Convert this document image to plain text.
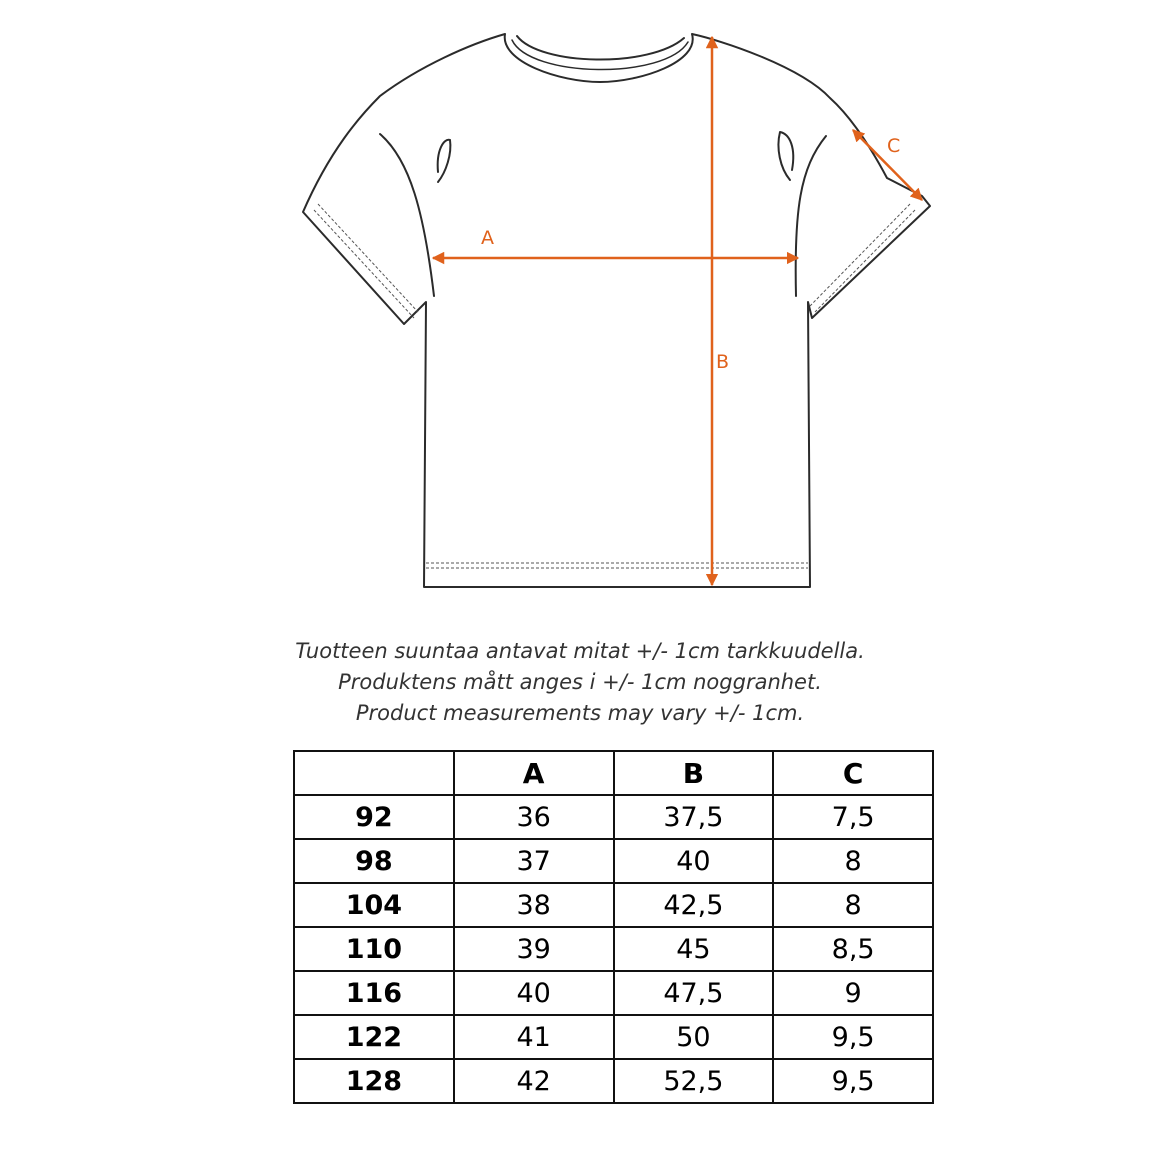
A
B
C
Tuotteen suuntaa antavat mitat +/- 1cm tarkkuudella.
Produktens mått anges i +/- 1cm noggranhet.
Product measurements may vary +/- 1cm.
	A	B	C
92	36	37,5	7,5
98	37	40	8
104	38	42,5	8
110	39	45	8,5
116	40	47,5	9
122	41	50	9,5
128	42	52,5	9,5
